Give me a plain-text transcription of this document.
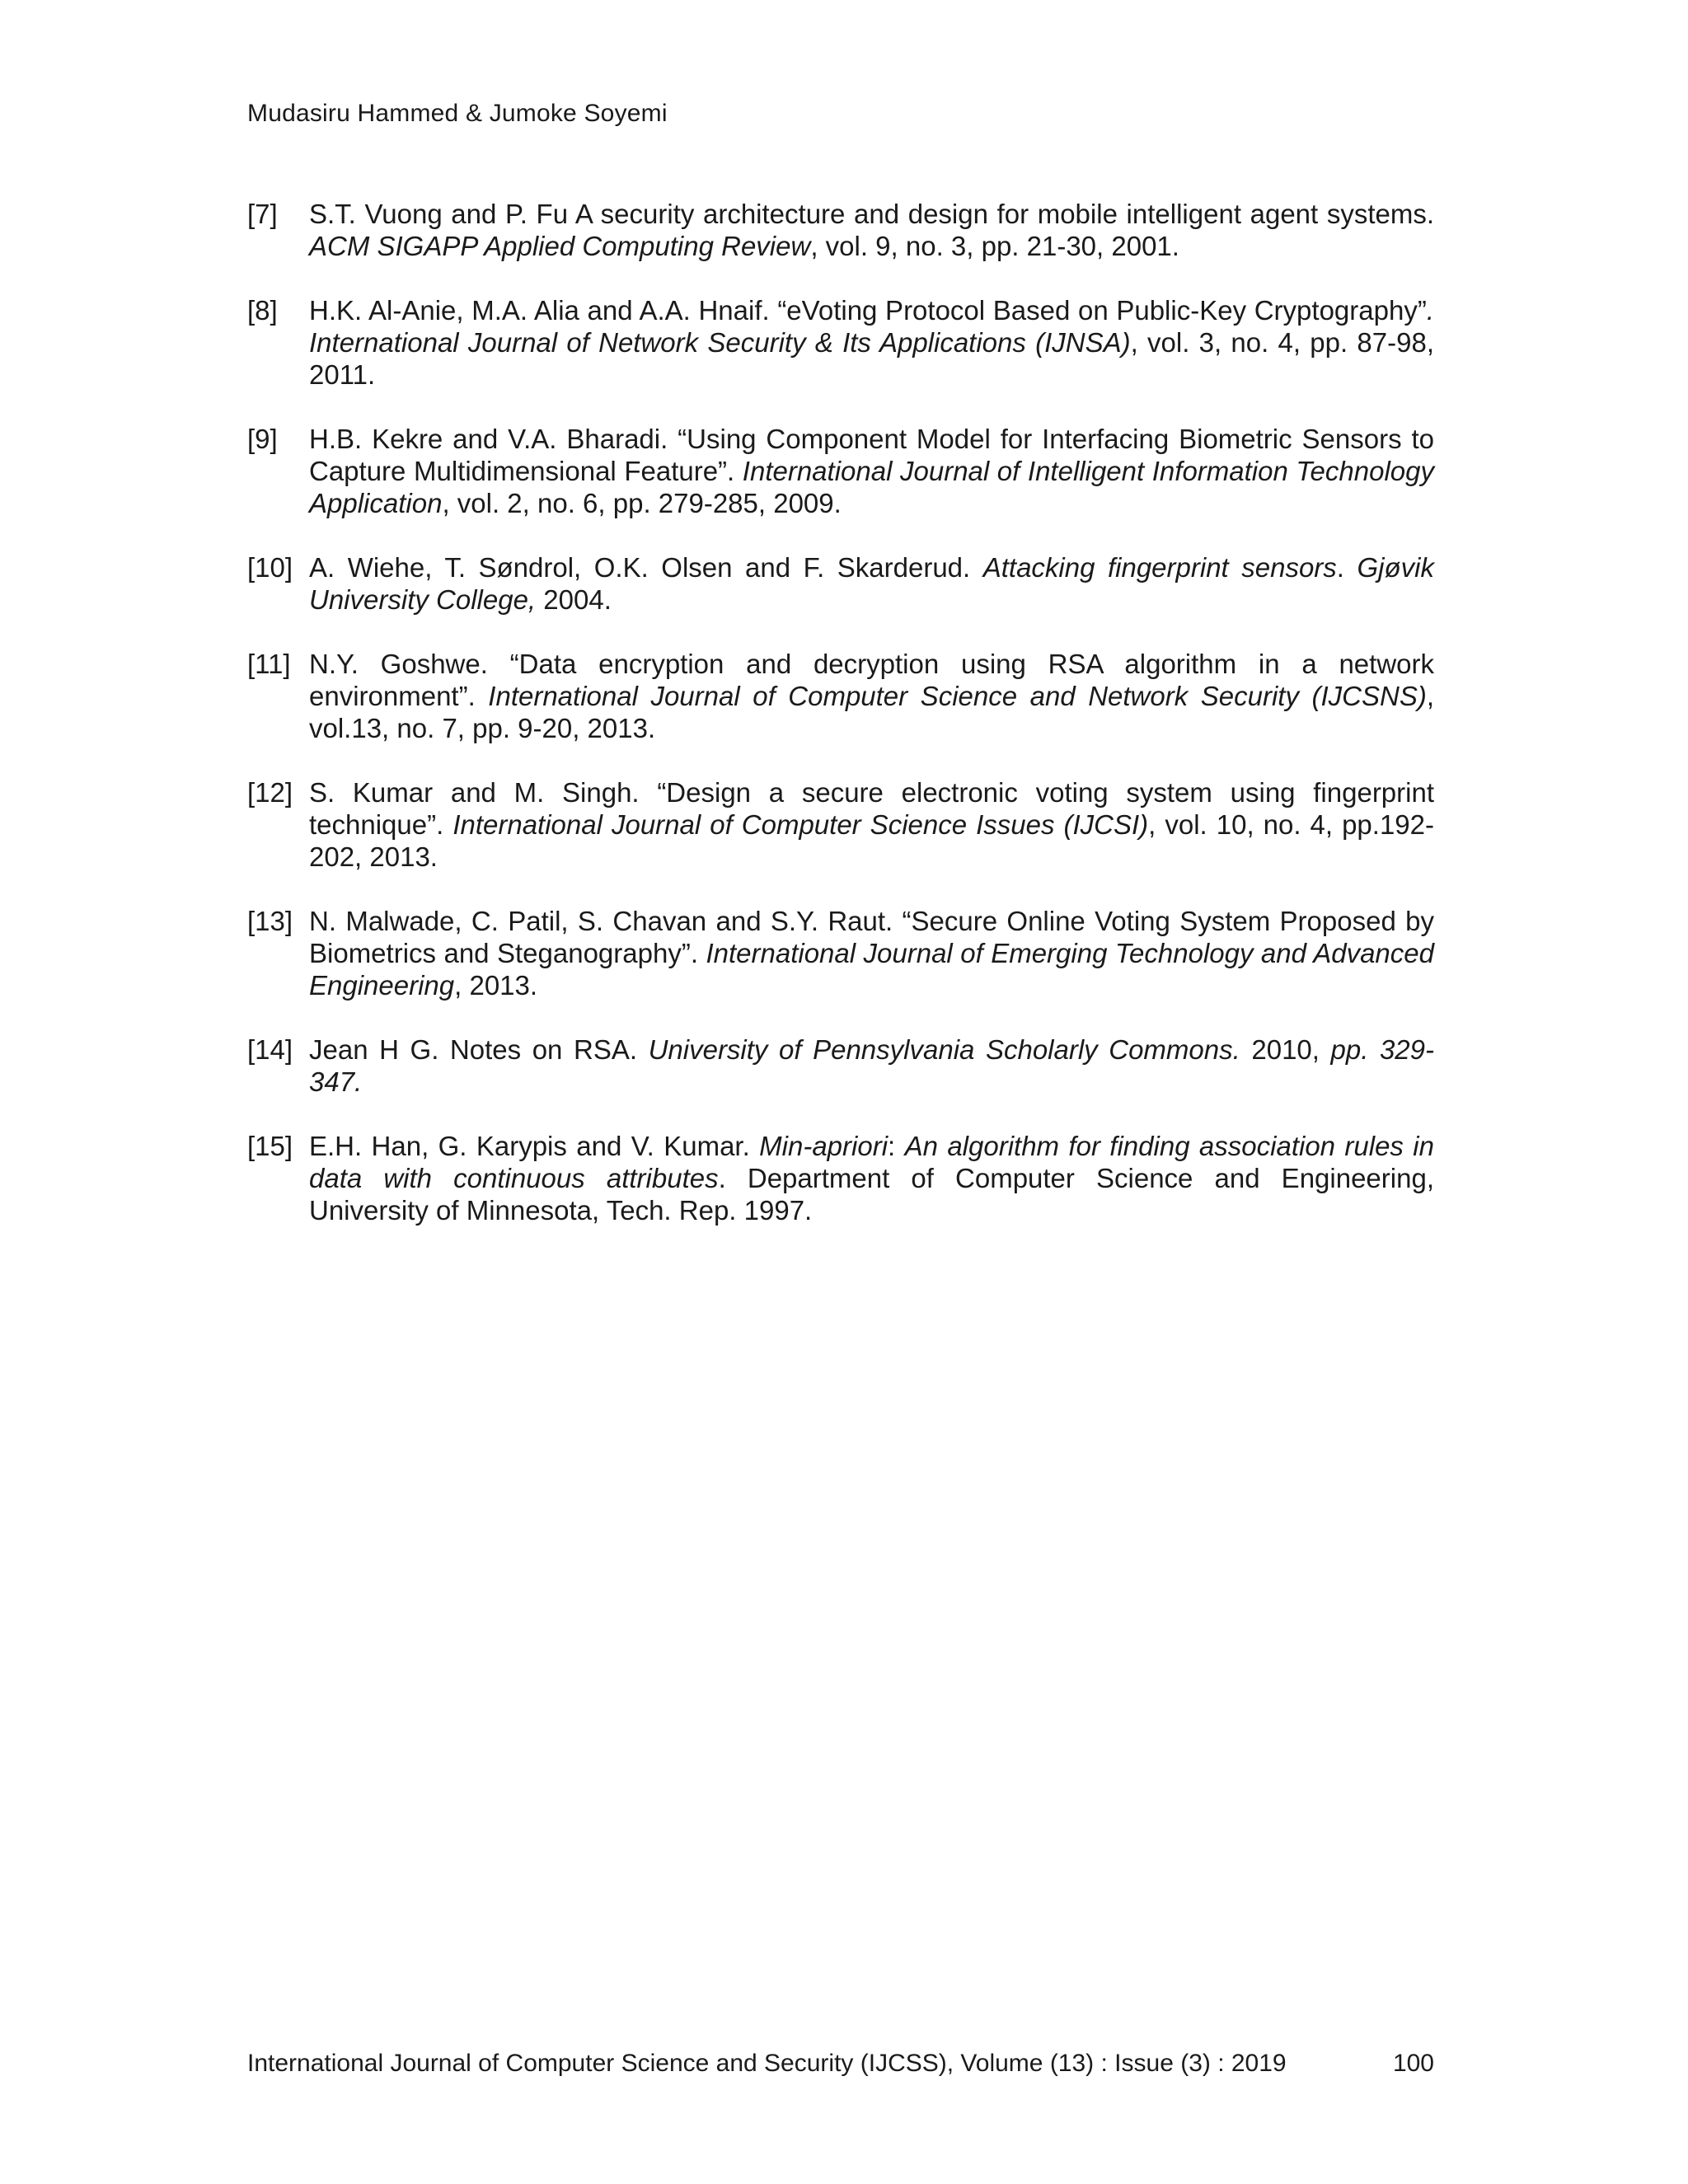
Mudasiru Hammed & Jumoke Soyemi
[7]	S.T. Vuong and P. Fu A security architecture and design for mobile intelligent agent systems. ACM SIGAPP Applied Computing Review, vol. 9, no. 3, pp. 21-30, 2001.
[8]	H.K. Al-Anie, M.A. Alia and A.A. Hnaif. “eVoting Protocol Based on Public-Key Cryptography”. International Journal of Network Security & Its Applications (IJNSA), vol. 3, no. 4, pp. 87-98, 2011.
[9]	H.B. Kekre and V.A. Bharadi. “Using Component Model for Interfacing Biometric Sensors to Capture Multidimensional Feature”. International Journal of Intelligent Information Technology Application, vol. 2, no. 6, pp. 279-285, 2009.
[10] A. Wiehe, T. Søndrol, O.K. Olsen and F. Skarderud. Attacking fingerprint sensors. Gjøvik University College, 2004.
[11] N.Y. Goshwe. “Data encryption and decryption using RSA algorithm in a network environment”. International Journal of Computer Science and Network Security (IJCSNS), vol.13, no. 7, pp. 9-20, 2013.
[12] S. Kumar and M. Singh. “Design a secure electronic voting system using fingerprint technique”. International Journal of Computer Science Issues (IJCSI), vol. 10, no. 4, pp.192-202, 2013.
[13] N. Malwade, C. Patil, S. Chavan and S.Y. Raut. “Secure Online Voting System Proposed by Biometrics and Steganography”. International Journal of Emerging Technology and Advanced Engineering, 2013.
[14] Jean H G. Notes on RSA. University of Pennsylvania Scholarly Commons. 2010, pp. 329-347.
[15] E.H. Han, G. Karypis and V. Kumar. Min-apriori: An algorithm for finding association rules in data with continuous attributes. Department of Computer Science and Engineering, University of Minnesota, Tech. Rep. 1997.
International Journal of Computer Science and Security (IJCSS), Volume (13) : Issue (3) : 2019	100
